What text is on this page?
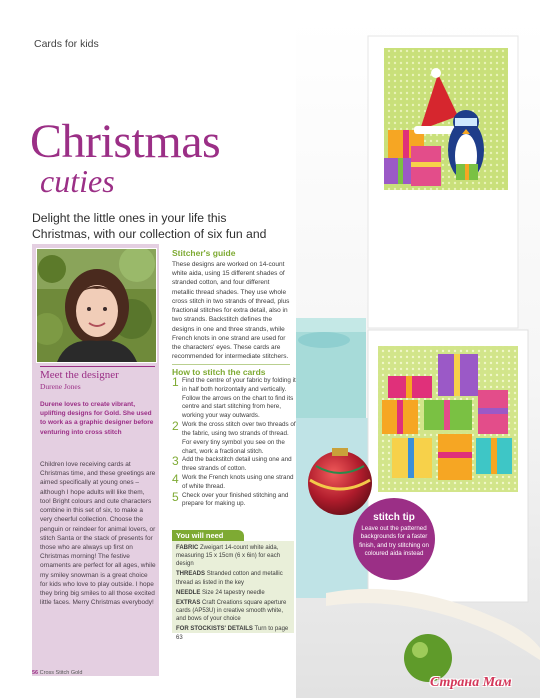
Cards for kids
Christmas
cuties
Delight the little ones in your life this Christmas, with our collection of six fun and
Meet the designer
Durene Jones
Durene loves to create vibrant, uplifting designs for Gold. She used to work as a graphic designer before venturing into cross stitch
Children love receiving cards at Christmas time, and these greetings are aimed specifically at young ones – although I hope adults will like them, too! Bright colours and cute characters combine in this set of six, to make a very cheerful collection. Choose the penguin or reindeer for animal lovers, or stitch Santa or the stack of presents for those who are always up first on Christmas morning! The festive ornaments are perfect for all ages, while my smiley snowman is a great choice for kids who love to play outside. I hope they bring big smiles to all those excited little faces. Merry Christmas everybody!
Stitcher's guide
These designs are worked on 14-count white aida, using 15 different shades of stranded cotton, and four different metallic thread shades. They use whole cross stitch in two strands of thread, plus fractional stitches for extra detail, also in two strands. Backstitch defines the designs in one and three strands, while French knots in one strand are used for the characters' eyes. These cards are recommended for intermediate stitchers.
How to stitch the cards
1 Find the centre of your fabric by folding it in half both horizontally and vertically. Follow the arrows on the chart to find its centre and start stitching from here, working your way outwards.
2 Work the cross stitch over two threads of the fabric, using two strands of thread. For every tiny symbol you see on the chart, work a fractional stitch.
3 Add the backstitch detail using one and three strands of cotton.
4 Work the French knots using one strand of white thread.
5 Check over your finished stitching and prepare for making up.
You will need
FABRIC Zweigart 14-count white aida, measuring 15 x 15cm (6 x 6in) for each design
THREADS Stranded cotton and metallic thread as listed in the key
NEEDLE Size 24 tapestry needle
EXTRAS Craft Creations square aperture cards (AP53U) in creative smooth white, and bows of your choice
FOR STOCKISTS' DETAILS Turn to page 63
56 Cross Stitch Gold
stitch tip
Leave out the patterned backgrounds for a faster finish, and try stitching on coloured aida instead
Страна Мам
